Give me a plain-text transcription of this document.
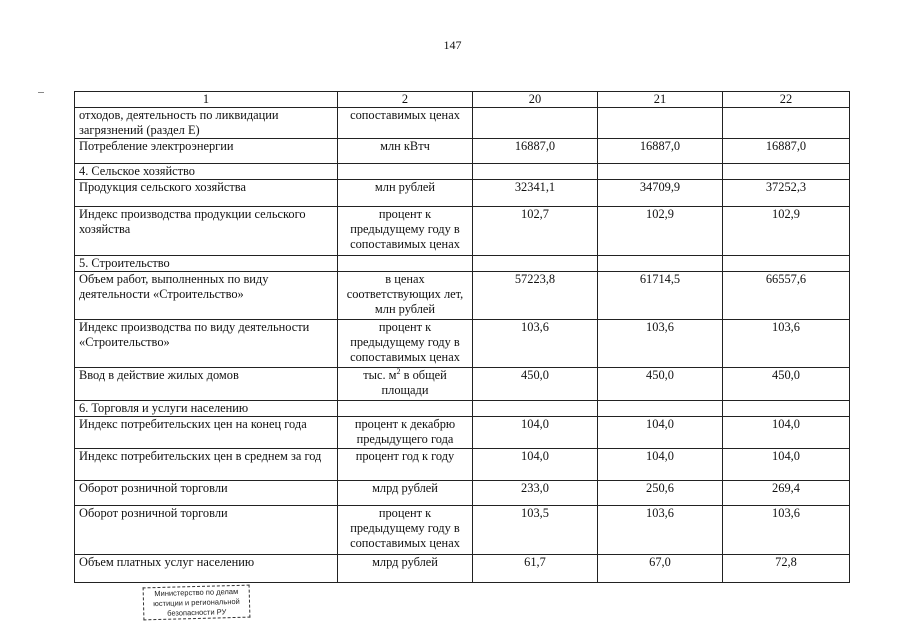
147
1	2	20	21	22
отходов, деятельность по ликвидации загрязнений (раздел Е)	сопоставимых ценах			
Потребление электроэнергии	млн кВтч	16887,0	16887,0	16887,0
4. Сельское хозяйство				
Продукция сельского хозяйства	млн рублей	32341,1	34709,9	37252,3
Индекс производства продукции сельского хозяйства	процент к предыдущему году в сопоставимых ценах	102,7	102,9	102,9
5. Строительство				
Объем работ, выполненных по виду деятельности «Строительство»	в ценах соответствующих лет, млн рублей	57223,8	61714,5	66557,6
Индекс производства по виду деятельности «Строительство»	процент к предыдущему году в сопоставимых ценах	103,6	103,6	103,6
Ввод в действие жилых домов	тыс. $м^2$ в общей площади	450,0	450,0	450,0
6. Торговля и услуги населению				
Индекс потребительских цен на конец года	процент к декабрю предыдущего года	104,0	104,0	104,0
Индекс потребительских цен в среднем за год	процент год к году	104,0	104,0	104,0
Оборот розничной торговли	млрд рублей	233,0	250,6	269,4
Оборот розничной торговли	процент к предыдущему году в сопоставимых ценах	103,5	103,6	103,6
Объем платных услуг населению	млрд рублей	61,7	67,0	72,8
Министерство по делам
юстиции и региональной
безопасности РУ
